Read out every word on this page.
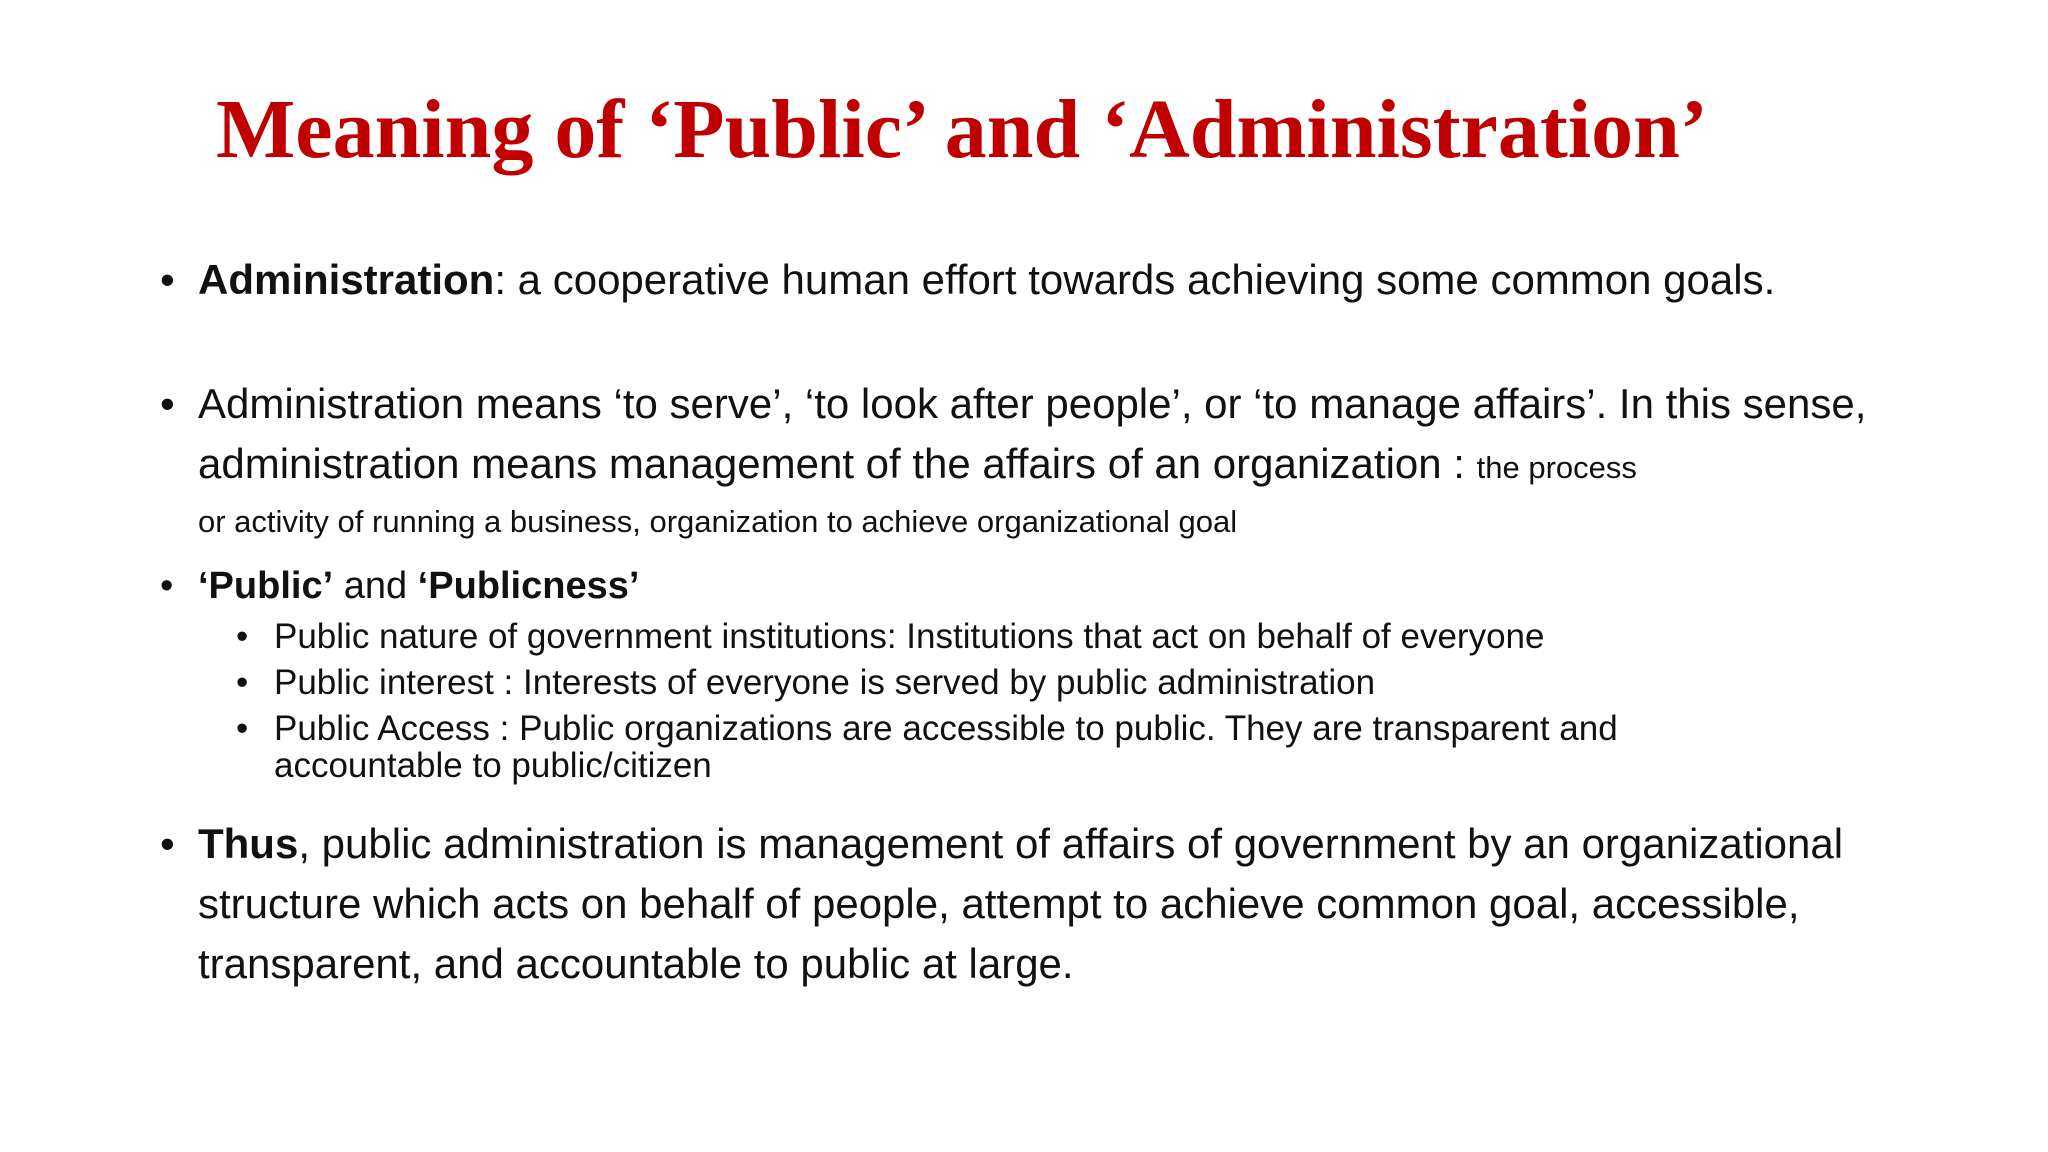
Meaning of ‘Public’ and ‘Administration’
• Administration: a cooperative human effort towards achieving some common goals.
• Administration means ‘to serve’, ‘to look after people’, or ‘to manage affairs’. In this sense, administration means management of the affairs of an organization : the process
or activity of running a business, organization to achieve organizational goal
• ‘Public’ and ‘Publicness’
• Public nature of government institutions: Institutions that act on behalf of everyone
• Public interest : Interests of everyone is served by public administration
• Public Access : Public organizations are accessible to public. They are transparent and accountable to public/citizen
• Thus, public administration is management of affairs of government by an organizational structure which acts on behalf of people, attempt to achieve common goal, accessible, transparent, and accountable to public at large.
